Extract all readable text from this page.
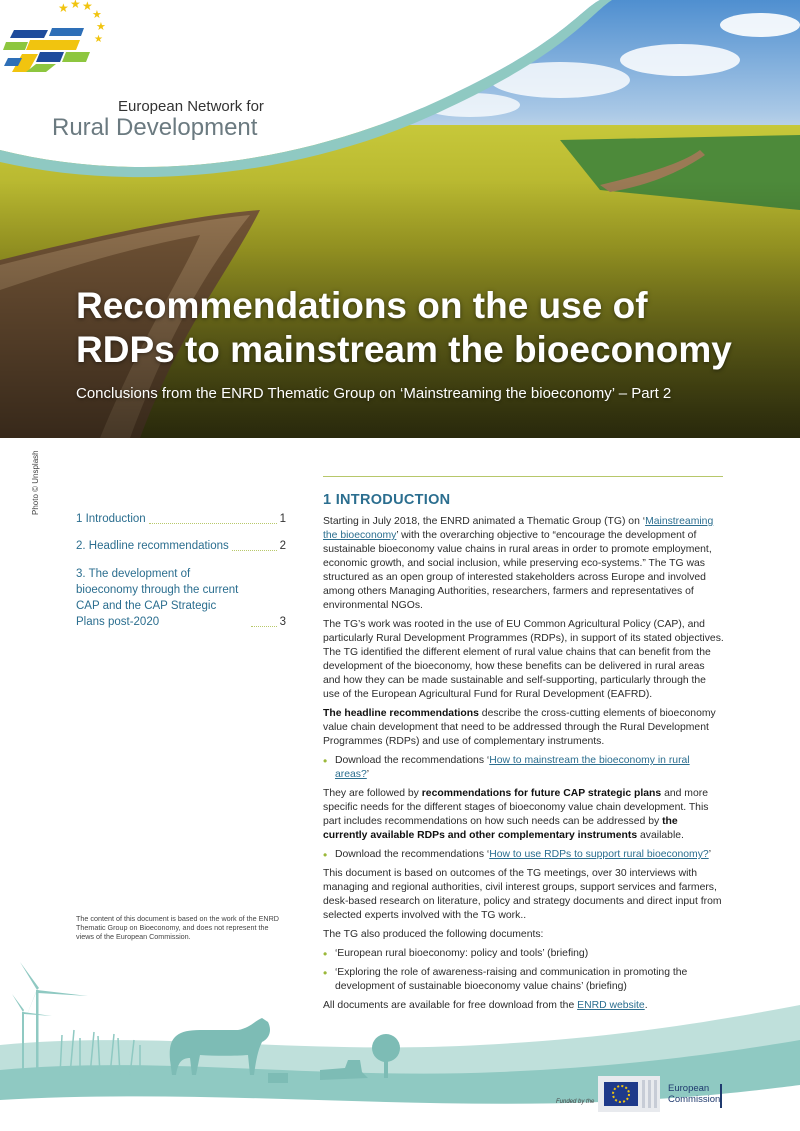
★ ★ ★
★
★
★
European Network for
Rural Development
Recommendations on the use of
RDPs to mainstream the bioeconomy
Conclusions from the ENRD Thematic Group on ‘Mainstreaming the bioeconomy’ – Part 2
Photo © Unsplash
1 Introduction	1
2. Headline recommendations	2
3. The development of bioeconomy through the current CAP and the CAP Strategic Plans post-2020	3
The content of this document is based on the work of the ENRD Thematic Group on Bioeconomy, and does not represent the views of the European Commission.
1 INTRODUCTION

Starting in July 2018, the ENRD animated a Thematic Group (TG) on ‘Mainstreaming the bioeconomy’ with the overarching objective to “encourage the development of sustainable bioeconomy value chains in rural areas in order to promote employment, economic growth, and social inclusion, while preserving eco-systems.” The TG was structured as an open group of interested stakeholders across Europe and involved among others Managing Authorities, researchers, farmers and representatives of environmental NGOs.

The TG’s work was rooted in the use of EU Common Agricultural Policy (CAP), and particularly Rural Development Programmes (RDPs), in support of its stated objectives. The TG identified the different element of rural value chains that can benefit from the development of the bioeconomy, how these benefits can be delivered in rural areas and how they can be made sustainable and self-supporting, particularly through the use of the European Agricultural Fund for Rural Development (EAFRD).

The headline recommendations describe the cross-cutting elements of bioeconomy value chain development that need to be addressed through the Rural Development Programmes (RDPs) and use of complementary instruments.

• Download the recommendations ‘How to mainstream the bioeconomy in rural areas?’

They are followed by recommendations for future CAP strategic plans and more specific needs for the different stages of bioeconomy value chain development. This part includes recommendations on how such needs can be addressed by the currently available RDPs and other complementary instruments available.

• Download the recommendations ‘How to use RDPs to support rural bioeconomy?’

This document is based on outcomes of the TG meetings, over 30 interviews with managing and regional authorities, civil interest groups, support services and farmers, desk-based research on literature, policy and strategy documents and direct input from selected experts involved with the TG work..

The TG also produced the following documents:

• ‘European rural bioeconomy: policy and tools’ (briefing)
• ‘Exploring the role of awareness-raising and communication in promoting the development of sustainable bioeconomy value chains’ (briefing)

All documents are available for free download from the ENRD website.

Funded by the
European
Commission
